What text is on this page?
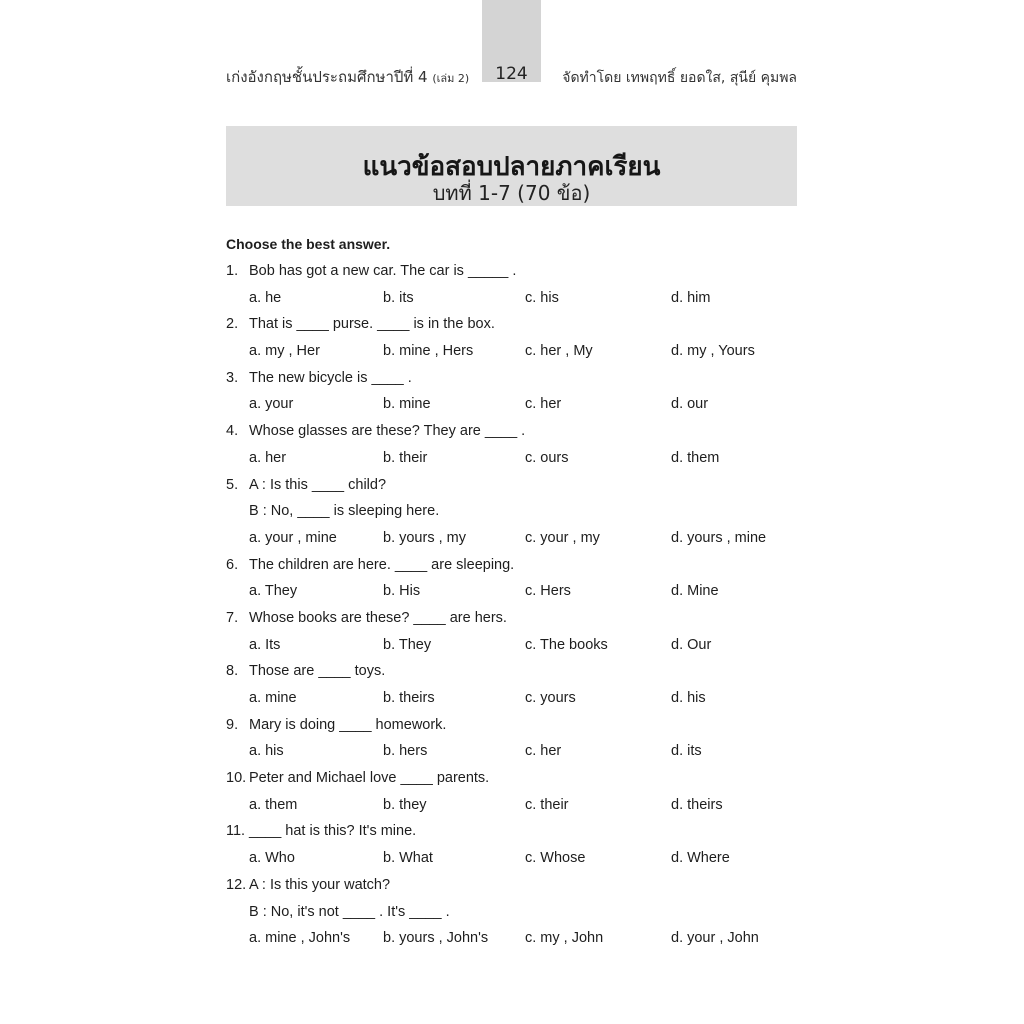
124
เก่งอังกฤษชั้นประถมศึกษาปีที่ 4 (เล่ม 2)	จัดทำโดย เทพฤทธิ์ ยอดใส, สุนีย์ คุมพล
แนวข้อสอบปลายภาคเรียน
บทที่ 1-7 (70 ข้อ)
Choose the best answer.
1. Bob has got a new car. The car is _____ .
a. he	b. its	c. his	d. him
2. That is ____ purse. ____ is in the box.
a. my , Her	b. mine , Hers	c. her , My	d. my , Yours
3. The new bicycle is ____ .
a. your	b. mine	c. her	d. our
4. Whose glasses are these? They are ____ .
a. her	b. their	c. ours	d. them
5. A : Is this ____ child?
B : No, ____ is sleeping here.
a. your , mine	b. yours , my	c. your , my	d. yours , mine
6. The children are here. ____ are sleeping.
a. They	b. His	c. Hers	d. Mine
7. Whose books are these? ____ are hers.
a. Its	b. They	c. The books	d. Our
8. Those are ____ toys.
a. mine	b. theirs	c. yours	d. his
9. Mary is doing ____ homework.
a. his	b. hers	c. her	d. its
10. Peter and Michael love ____ parents.
a. them	b. they	c. their	d. theirs
11. ____ hat is this? It's mine.
a. Who	b. What	c. Whose	d. Where
12. A : Is this your watch?
B : No, it's not ____ . It's ____ .
a. mine , John's b. yours , John's	c. my , John	d. your , John
